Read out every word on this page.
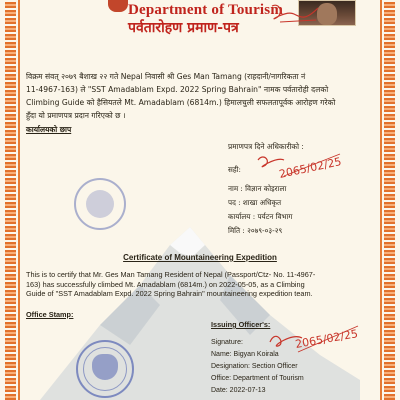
Department of Tourism
पर्वतारोहण प्रमाण-पत्र
विक्रम संवत् २०७९ बैशाख २२ गते Nepal निवासी श्री Ges Man Tamang (राहदानी/नागरिकता नं
11-4967-163) ले "SST Amadablam Expd. 2022 Spring Bahrain" नामक पर्वतारोही दलको
Climbing Guide को हैसियतले Mt. Amadablam (6814m.) हिमालचुली सफलतापूर्वक आरोहण गरेको
हुँदा यो प्रमाणपत्र प्रदान गरिएको छ ।
कार्यालयको छाप
प्रमाणपत्र दिने अधिकारीको :
सही:	2065/02/25
नाम : विज्ञान कोइराला
पद : शाखा अधिकृत
कार्यालय : पर्यटन विभाग
मिति : २०७९-०३-२९
Certificate of Mountaineering Expedition
This is to certify that Mr. Ges Man Tamang Resident of Nepal (Passport/Ctz- No. 11-4967-
163) has successfully climbed Mt. Amadablam (6814m.) on 2022-05-05, as a Climbing
Guide of "SST Amadablam Expd. 2022 Spring Bahrain" mountaineering expedition team.
Office Stamp:
Issuing Officer's:
Signature:	2065/02/25
Name: Bigyan Koirala
Designation: Section Officer
Office: Department of Tourism
Date: 2022-07-13
